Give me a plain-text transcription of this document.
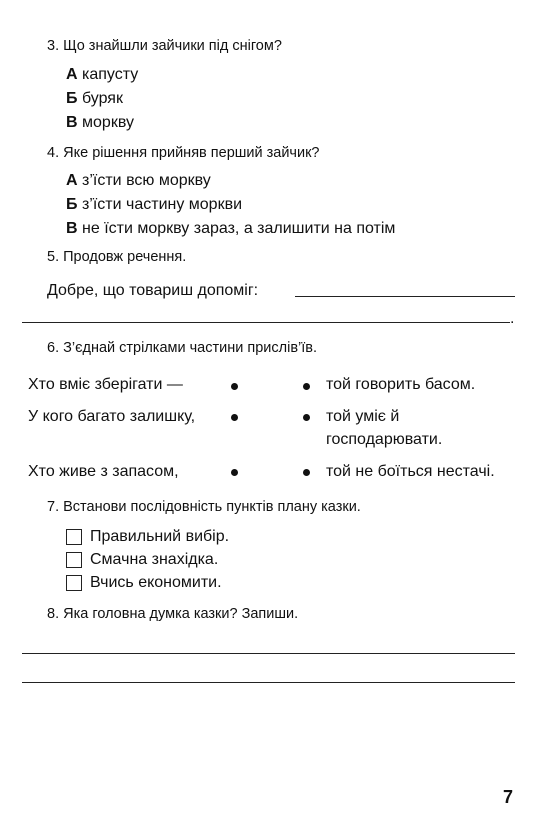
3. Що знайшли зайчики під снігом?
А капусту
Б буряк
В моркву
4. Яке рішення прийняв перший зайчик?
А з’їсти всю моркву
Б з’їсти частину моркви
В не їсти моркву зараз, а залишити на потім
5. Продовж речення.
Добре, що товариш допоміг:
.
6. З’єднай стрілками частини прислів’їв.
Хто вміє зберігати —
У кого багато залишку,
Хто живе з запасом,
той говорить басом.
той уміє й
господарювати.
той не боїться нестачі.
7. Встанови послідовність пунктів плану казки.
Правильний вибір.
Смачна знахідка.
Вчись економити.
8. Яка головна думка казки? Запиши.
7
